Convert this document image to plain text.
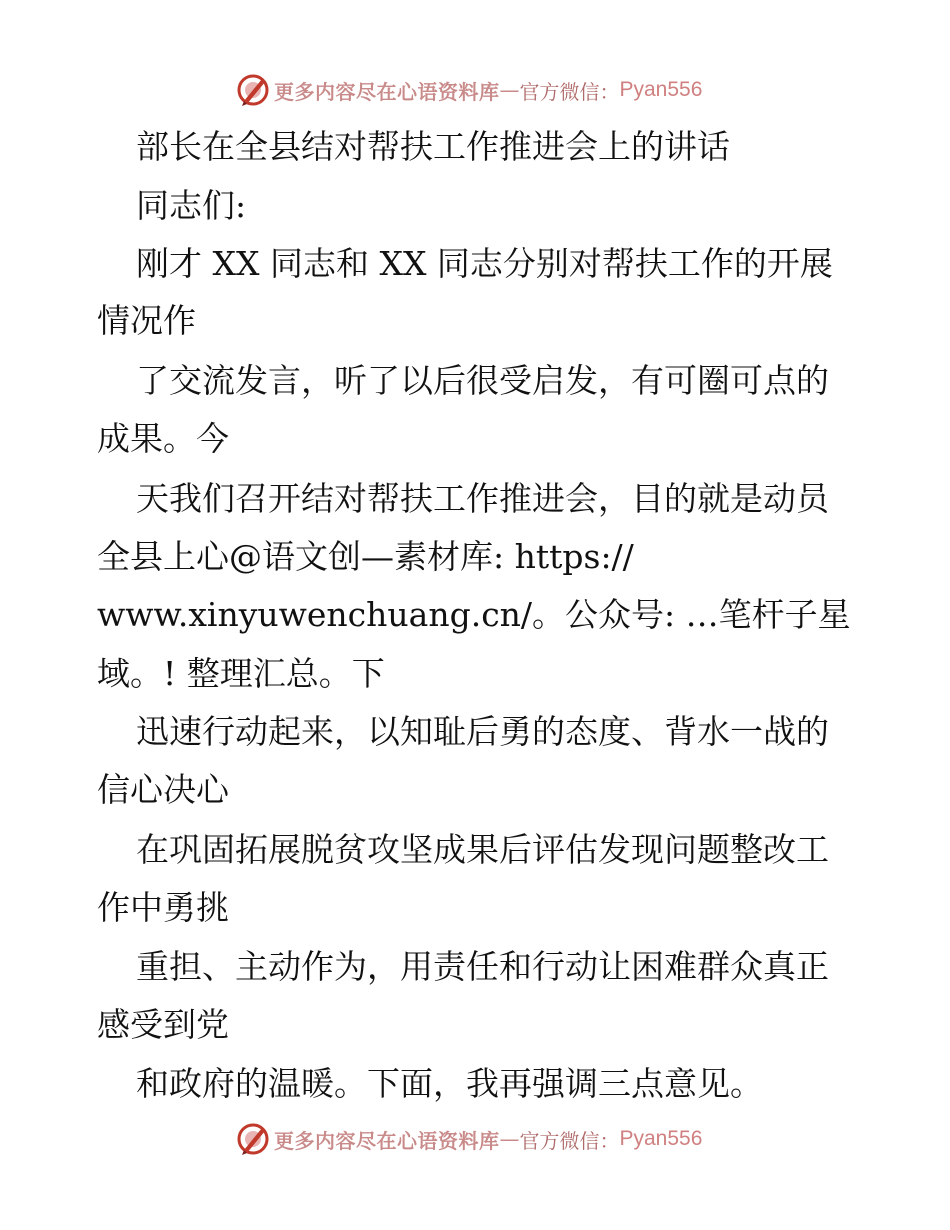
更多内容尽在心语资料库 — 官方微信： Pyan556

部长在全县结对帮扶工作推进会上的讲话

同志们:

刚才 XX 同志和 XX 同志分别对帮扶工作的开展

情况作

了交流发言，听了以后很受启发，有可圈可点的

成果。今

天我们召开结对帮扶工作推进会，目的就是动员

全县上心@语文创—素材库: https://

www.xinyuwenchuang.cn/。公众号: …笔杆子星

域。! 整理汇总。下

迅速行动起来，以知耻后勇的态度、背水一战的

信心决心

在巩固拓展脱贫攻坚成果后评估发现问题整改工

作中勇挑

重担、主动作为，用责任和行动让困难群众真正

感受到党

和政府的温暖。下面，我再强调三点意见。

更多内容尽在心语资料库 — 官方微信： Pyan556
